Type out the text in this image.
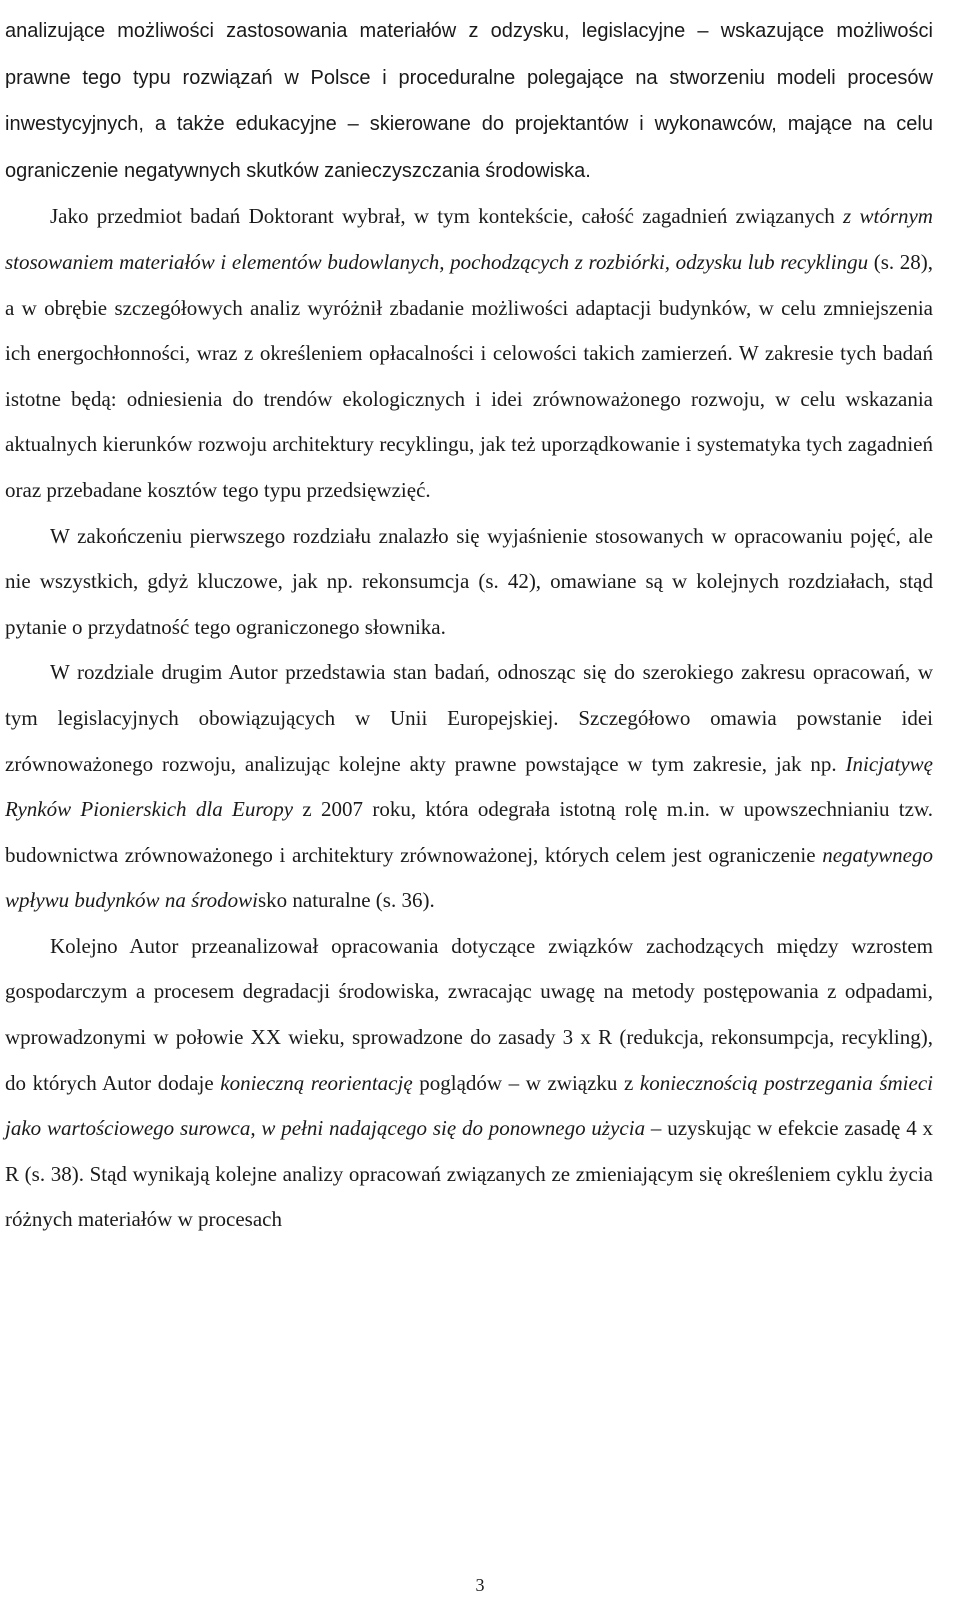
analizujące możliwości zastosowania materiałów z odzysku, legislacyjne – wskazujące możliwości prawne tego typu rozwiązań w Polsce i proceduralne polegające na stworzeniu modeli procesów inwestycyjnych, a także edukacyjne – skierowane do projektantów i wykonawców, mające na celu ograniczenie negatywnych skutków zanieczyszczania środowiska.

Jako przedmiot badań Doktorant wybrał, w tym kontekście, całość zagadnień związanych z wtórnym stosowaniem materiałów i elementów budowlanych, pochodzących z rozbiórki, odzysku lub recyklingu (s. 28), a w obrębie szczegółowych analiz wyróżnił zbadanie możliwości adaptacji budynków, w celu zmniejszenia ich energochłonności, wraz z określeniem opłacalności i celowości takich zamierzeń. W zakresie tych badań istotne będą: odniesienia do trendów ekologicznych i idei zrównoważonego rozwoju, w celu wskazania aktualnych kierunków rozwoju architektury recyklingu, jak też uporządkowanie i systematyka tych zagadnień oraz przebadane kosztów tego typu przedsięwzięć.

W zakończeniu pierwszego rozdziału znalazło się wyjaśnienie stosowanych w opracowaniu pojęć, ale nie wszystkich, gdyż kluczowe, jak np. rekonsumcja (s. 42), omawiane są w kolejnych rozdziałach, stąd pytanie o przydatność tego ograniczonego słownika.

W rozdziale drugim Autor przedstawia stan badań, odnosząc się do szerokiego zakresu opracowań, w tym legislacyjnych obowiązujących w Unii Europejskiej. Szczegółowo omawia powstanie idei zrównoważonego rozwoju, analizując kolejne akty prawne powstające w tym zakresie, jak np. Inicjatywę Rynków Pionierskich dla Europy z 2007 roku, która odegrała istotną rolę m.in. w upowszechnianiu tzw. budownictwa zrównoważonego i architektury zrównoważonej, których celem jest ograniczenie negatywnego wpływu budynków na środowisko naturalne (s. 36).

Kolejno Autor przeanalizował opracowania dotyczące związków zachodzących między wzrostem gospodarczym a procesem degradacji środowiska, zwracając uwagę na metody postępowania z odpadami, wprowadzonymi w połowie XX wieku, sprowadzone do zasady 3 x R (redukcja, rekonsumpcja, recykling), do których Autor dodaje konieczną reorientację poglądów – w związku z koniecznością postrzegania śmieci jako wartościowego surowca, w pełni nadającego się do ponownego użycia – uzyskując w efekcie zasadę 4 x R (s. 38). Stąd wynikają kolejne analizy opracowań związanych ze zmieniającym się określeniem cyklu życia różnych materiałów w procesach

3
